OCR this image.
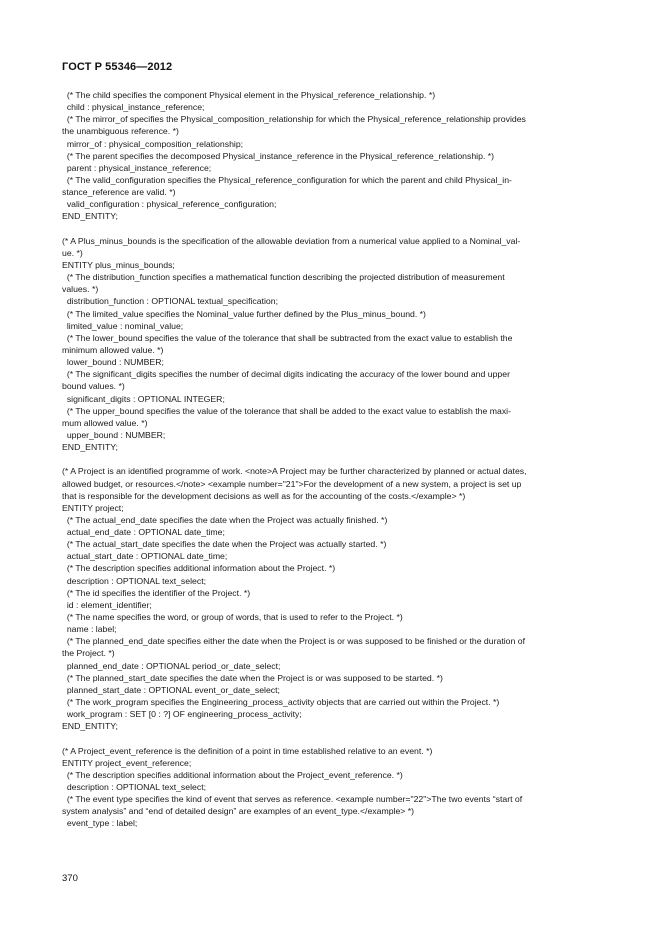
ГОСТ Р 55346—2012
(* The child specifies the component Physical element in the Physical_reference_relationship. *)
child : physical_instance_reference;
(* The mirror_of specifies the Physical_composition_relationship for which the Physical_reference_relationship provides
the unambiguous reference. *)
mirror_of : physical_composition_relationship;
(* The parent specifies the decomposed Physical_instance_reference in the Physical_reference_relationship. *)
parent : physical_instance_reference;
(* The valid_configuration specifies the Physical_reference_configuration for which the parent and child Physical_in-
stance_reference are valid. *)
valid_configuration : physical_reference_configuration;
END_ENTITY;
(* A Plus_minus_bounds is the specification of the allowable deviation from a numerical value applied to a Nominal_val-
ue. *)
ENTITY plus_minus_bounds;
(* The distribution_function specifies a mathematical function describing the projected distribution of measurement
values. *)
distribution_function : OPTIONAL textual_specification;
(* The limited_value specifies the Nominal_value further defined by the Plus_minus_bound. *)
limited_value : nominal_value;
(* The lower_bound specifies the value of the tolerance that shall be subtracted from the exact value to establish the
minimum allowed value. *)
lower_bound : NUMBER;
(* The significant_digits specifies the number of decimal digits indicating the accuracy of the lower bound and upper
bound values. *)
significant_digits : OPTIONAL INTEGER;
(* The upper_bound specifies the value of the tolerance that shall be added to the exact value to establish the maxi-
mum allowed value. *)
upper_bound : NUMBER;
END_ENTITY;
(* A Project is an identified programme of work. <note>A Project may be further characterized by planned or actual dates,
allowed budget, or resources.</note> <example number="21">For the development of a new system, a project is set up
that is responsible for the development decisions as well as for the accounting of the costs.</example> *)
ENTITY project;
(* The actual_end_date specifies the date when the Project was actually finished. *)
actual_end_date : OPTIONAL date_time;
(* The actual_start_date specifies the date when the Project was actually started. *)
actual_start_date : OPTIONAL date_time;
(* The description specifies additional information about the Project. *)
description : OPTIONAL text_select;
(* The id specifies the identifier of the Project. *)
id : element_identifier;
(* The name specifies the word, or group of words, that is used to refer to the Project. *)
name : label;
(* The planned_end_date specifies either the date when the Project is or was supposed to be finished or the duration of
the Project. *)
planned_end_date : OPTIONAL period_or_date_select;
(* The planned_start_date specifies the date when the Project is or was supposed to be started. *)
planned_start_date : OPTIONAL event_or_date_select;
(* The work_program specifies the Engineering_process_activity objects that are carried out within the Project. *)
work_program : SET [0 : ?] OF engineering_process_activity;
END_ENTITY;
(* A Project_event_reference is the definition of a point in time established relative to an event. *)
ENTITY project_event_reference;
(* The description specifies additional information about the Project_event_reference. *)
description : OPTIONAL text_select;
(* The event type specifies the kind of event that serves as reference. <example number="22">The two events “start of
system analysis” and “end of detailed design” are examples of an event_type.</example> *)
event_type : label;
370
